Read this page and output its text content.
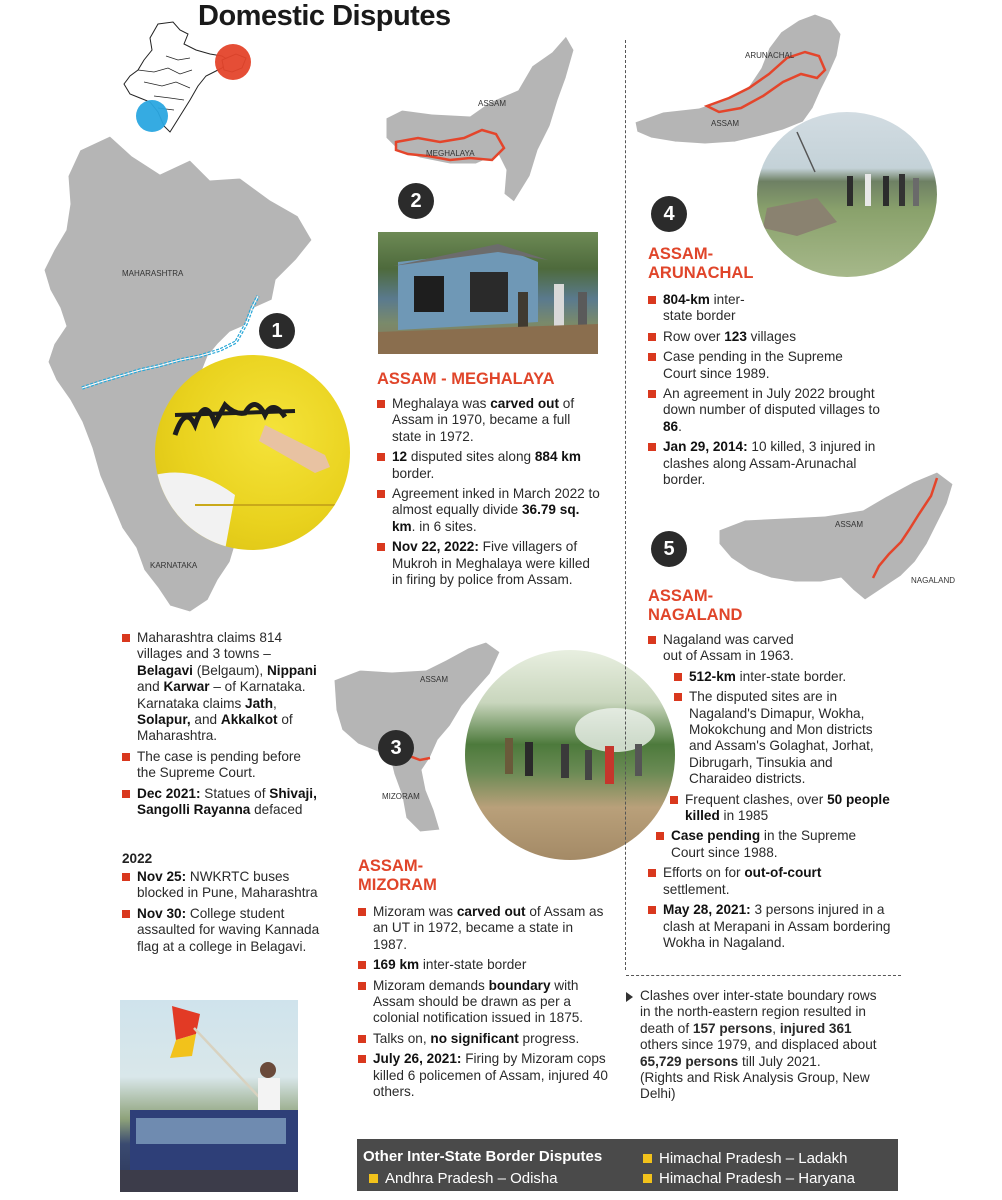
Domestic Disputes
MAHARASHTRA
KARNATAKA
1
Maharashtra claims 814 villages and 3 towns – Belagavi (Belgaum), Nippani and Karwar – of Karnataka. Karnataka claims Jath, Solapur, and Akkalkot of Maharashtra.
The case is pending before the Supreme Court.
Dec 2021: Statues of Shivaji, Sangolli Rayanna defaced
2022
Nov 25: NWKRTC buses blocked in Pune, Maharashtra
Nov 30: College student assaulted for waving Kannada flag at a college in Belagavi.
ASSAM
MEGHALAYA
2
ASSAM - MEGHALAYA
Meghalaya was carved out of Assam in 1970, became a full state in 1972.
12 disputed sites along 884 km border.
Agreement inked in March 2022 to almost equally divide 36.79 sq. km. in 6 sites.
Nov 22, 2022: Five villagers of Mukroh in Meghalaya were killed in firing by police from Assam.
ASSAM
MIZORAM
3
ASSAM-
MIZORAM
Mizoram was carved out of Assam as an UT in 1972, became a state in 1987.
169 km inter-state border
Mizoram demands boundary with Assam should be drawn as per a colonial notification issued in 1875.
Talks on, no significant progress.
July 26, 2021: Firing by Mizoram cops killed 6 policemen of Assam, injured 40 others.
ARUNACHAL
ASSAM
4
ASSAM-
ARUNACHAL
804-km inter-state border
Row over 123 villages
Case pending in the Supreme Court since 1989.
An agreement in July 2022 brought down number of disputed villages to 86.
Jan 29, 2014: 10 killed, 3 injured in clashes along Assam-Arunachal border.
ASSAM
NAGALAND
5
ASSAM-
NAGALAND
Nagaland was carved out of Assam in 1963.
512-km inter-state border.
The disputed sites are in Nagaland's Dimapur, Wokha, Mokokchung and Mon districts and Assam's Golaghat, Jorhat, Dibrugarh, Tinsukia and Charaideo districts.
Frequent clashes, over 50 people killed in 1985
Case pending in the Supreme Court since 1988.
Efforts on for out-of-court settlement.
May 28, 2021: 3 persons injured in a clash at Merapani in Assam bordering Wokha in Nagaland.
Clashes over inter-state boundary rows in the north-eastern region resulted in death of 157 persons, injured 361 others since 1979, and displaced about 65,729 persons till July 2021.
(Rights and Risk Analysis Group, New Delhi)
Other Inter-State Border Disputes
Andhra Pradesh – Odisha
Himachal Pradesh – Ladakh
Himachal Pradesh – Haryana
